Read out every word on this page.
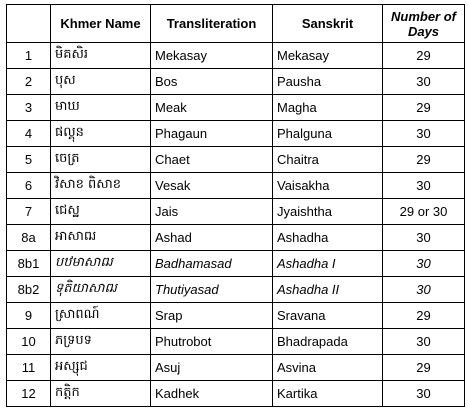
	Khmer Name	Transliteration	Sanskrit	Number of Days
1	មិគសិរ	Mekasay	Mekasay	29
2	បុស	Bos	Pausha	30
3	មាឃ	Meak	Magha	29
4	ផល្គុន	Phagaun	Phalguna	30
5	ចេត្រ	Chaet	Chaitra	29
6	វិសាខ ពិសាខ	Vesak	Vaisakha	30
7	ជេស្ឋ	Jais	Jyaishtha	29 or 30
8a	អាសាឍ	Ashad	Ashadha	30
8b1	បឋមាសាឍ	Badhamasad	Ashadha I	30
8b2	ទុតិយាសាឍ	Thutiyasad	Ashadha II	30
9	ស្រាពណ៍	Srap	Sravana	29
10	ភទ្របទ	Phutrobot	Bhadrapada	30
11	អស្សុជ	Asuj	Asvina	29
12	កត្តិក	Kadhek	Kartika	30
